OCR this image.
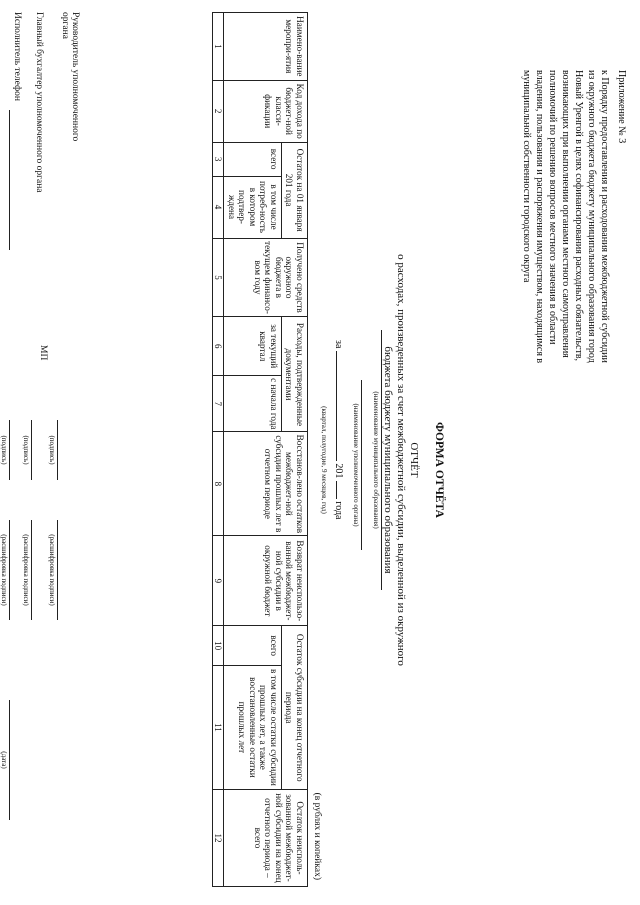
Приложение № 3
к Порядку предоставления и расходования межбюджетной субсидии
из окружного бюджета бюджету муниципального образования город
Новый Уренгой в целях софинансирования расходных обязательств,
возникающих при выполнении органами местного самоуправления
полномочий по решению вопросов местного значения в области
владения, пользования и распоряжения имуществом, находящимся в
муниципальной собственности городского округа
ФОРМА ОТЧЁТА
ОТЧЁТ
о расходах, произведенных за счет межбюджетной субсидии, выделенной из окружного бюджета бюджету муниципального образования
(наименование муниципального образования)
(наименование уполномоченного органа)
за  201  года
(квартал, полугодие, 9 месяцев, год)
(в рублях и копейках)
Наимено-вание меропри-ятия	Код дохода по бюджет-ной класси-фикации	Остаток на 01 января 201 года		Получено средств окружного бюджета в текущем финансо-вом году	Расходы, подтвержденные документами		Восстанов-лено остатков межбюджет-ной субсидии прошлых лет в отчетном периоде	Возврат неиспользо-ванной межбюджет-ной субсидии в окружной бюджет	Остаток субсидии на конец отчетного периода		Остаток неисполь-зованной межбюджет-ной субсидии на конец отчетного периода – всего
		всего	в том числе потреб-ность в котором подтвер-ждена		за текущий квартал	с начала года			всего	в том числе остатки субсидии прошлых лет, а также восстановленные остатки прошлых лет	
1	2	3	4	5	6	7	8	9	10	11	12
Руководитель уполномоченного органа
(подпись)
(расшифровка подписи)
МП
Главный бухгалтер уполномоченного органа
(подпись)
(расшифровка подписи)
Исполнитель телефон
(подпись)
(расшифровка подписи)
(дата)
